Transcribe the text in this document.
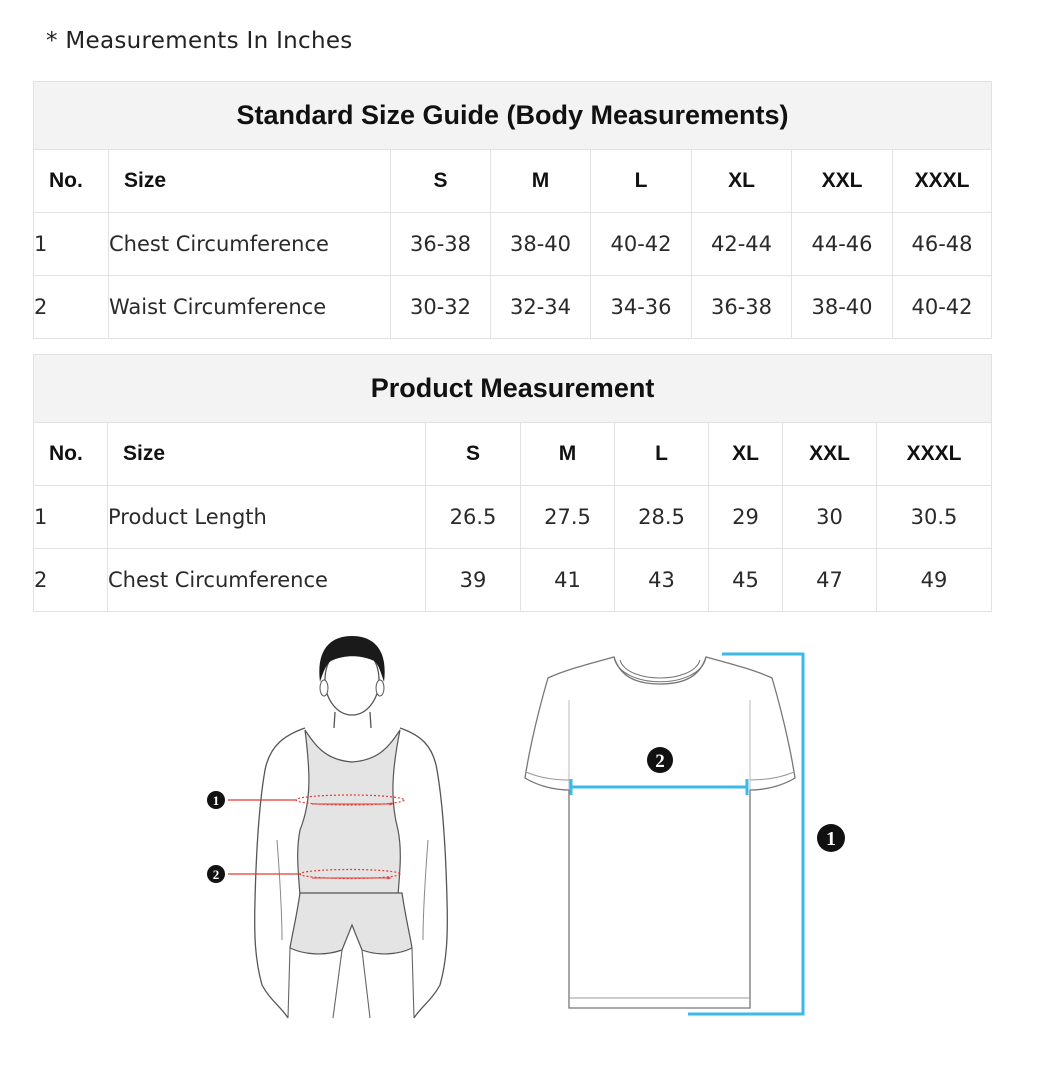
* Measurements In Inches
Standard Size Guide (Body Measurements)							
No.	Size	S	M	L	XL	XXL	XXXL
1	Chest Circumference	36-38	38-40	40-42	42-44	44-46	46-48
2	Waist Circumference	30-32	32-34	34-36	36-38	38-40	40-42
Product Measurement							
No.	Size	S	M	L	XL	XXL	XXXL
1	Product Length	26.5	27.5	28.5	29	30	30.5
2	Chest Circumference	39	41	43	45	47	49
1
2
2
1
